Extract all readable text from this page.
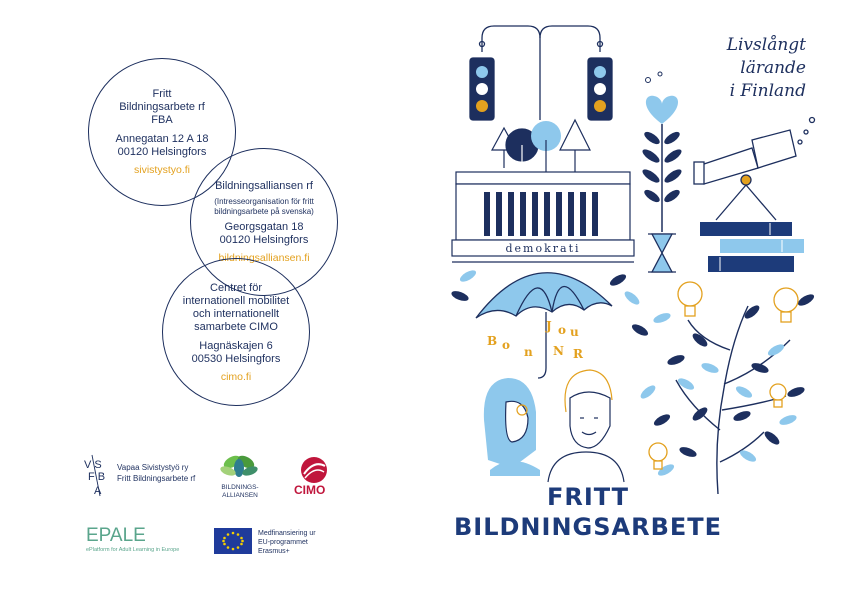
Fritt
Bildningsarbete rf
FBA
Annegatan 12 A 18
00120 Helsingfors
sivistystyo.fi
Bildningsalliansen rf
(Intresseorganisation för fritt
bildningsarbete på svenska)
Georgsgatan 18
00120 Helsingfors
bildningsalliansen.fi
Centret för
internationell mobilitet
och internationellt
samarbete CIMO
Hagnäskajen 6
00530 Helsingfors
cimo.fi
V S
F B
A
Vapaa Sivistystyö ry
Fritt Bildningsarbete rf
BILDNINGS-
ALLIANSEN	CIMO
EPALE
ePlatform for Adult Learning in Europe
Medfinansiering ur
EU-programmet
Erasmus+
demokrati
B o n
J o u
R
N
Livslångt
lärande
i Finland
FRITT
BILDNINGSARBETE
